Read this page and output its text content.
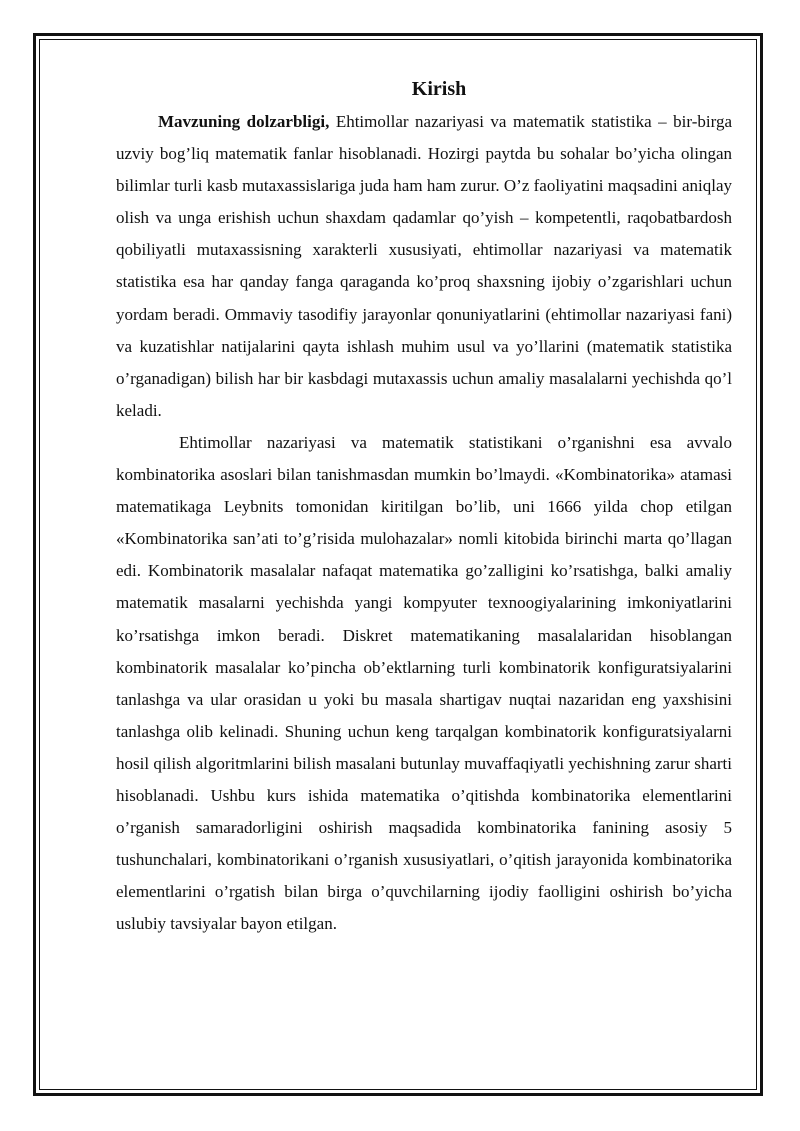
Kirish

Mavzuning dolzarbligi, Ehtimollar nazariyasi va matematik statistika – bir-birga uzviy bog’liq matematik fanlar hisoblanadi. Hozirgi paytda bu sohalar bo’yicha olingan bilimlar turli kasb mutaxassislariga juda ham ham zurur. O’z faoliyatini maqsadini aniqlay olish va unga erishish uchun shaxdam qadamlar qo’yish – kompetentli, raqobatbardosh qobiliyatli mutaxassisning xarakterli xususiyati, ehtimollar nazariyasi va matematik statistika esa har qanday fanga qaraganda ko’proq shaxsning ijobiy o’zgarishlari uchun yordam beradi. Ommaviy tasodifiy jarayonlar qonuniyatlarini (ehtimollar nazariyasi fani) va kuzatishlar natijalarini qayta ishlash muhim usul va yo’llarini (matematik statistika o’rganadigan) bilish har bir kasbdagi mutaxassis uchun amaliy masalalarni yechishda qo’l keladi.

Ehtimollar nazariyasi va matematik statistikani o’rganishni esa avvalo kombinatorika asoslari bilan tanishmasdan mumkin bo’lmaydi. «Kombinatorika» atamasi matematikaga Leybnits tomonidan kiritilgan bo’lib, uni 1666 yilda chop etilgan «Kombinatorika san’ati to’g’risida mulohazalar» nomli kitobida birinchi marta qo’llagan edi. Kombinatorik masalalar nafaqat matematika go’zalligini ko’rsatishga, balki amaliy matematik masalarni yechishda yangi kompyuter texnoogiyalarining imkoniyatlarini ko’rsatishga imkon beradi. Diskret matematikaning masalalaridan hisoblangan kombinatorik masalalar ko’pincha ob’ektlarning turli kombinatorik konfiguratsiyalarini tanlashga va ular orasidan u yoki bu masala shartigav nuqtai nazaridan eng yaxshisini tanlashga olib kelinadi. Shuning uchun keng tarqalgan kombinatorik konfiguratsiyalarni hosil qilish algoritmlarini bilish masalani butunlay muvaffaqiyatli yechishning zarur sharti hisoblanadi. Ushbu kurs ishida matematika o’qitishda kombinatorika elementlarini o’rganish samaradorligini oshirish maqsadida kombinatorika fanining asosiy 5 tushunchalari, kombinatorikani o’rganish xususiyatlari, o’qitish jarayonida kombinatorika elementlarini o’rgatish bilan birga o’quvchilarning ijodiy faolligini oshirish bo’yicha uslubiy tavsiyalar bayon etilgan.
